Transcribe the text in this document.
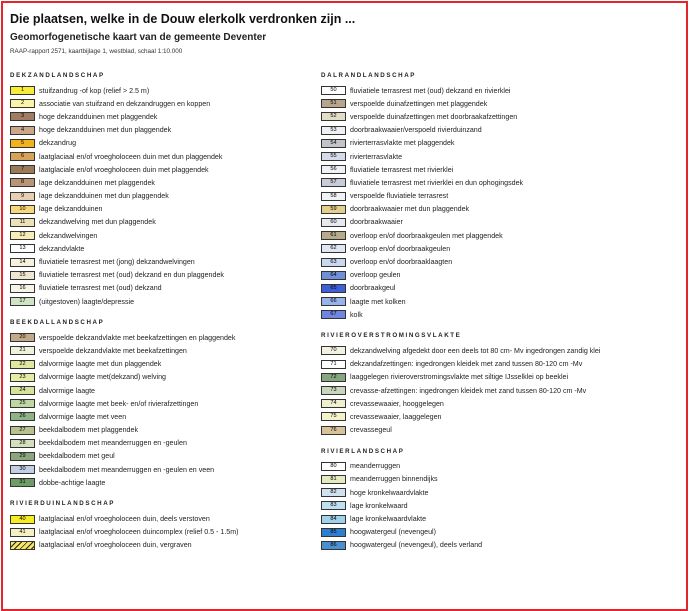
Die plaatsen, welke in de Douw elerkolk verdronken zijn ...
Geomorfogenetische kaart van de gemeente Deventer
RAAP-rapport 2571, kaartbijlage 1, westblad, schaal 1:10.000
DEKZANDLANDSCHAP
1	stuifzandrug -of kop (relief > 2.5 m)
2	associatie van stuifzand en dekzandruggen en koppen
3	hoge dekzandduinen met plaggendek
4	hoge dekzandduinen met dun plaggendek
5	dekzandrug
6	laatglaciaal en/of vroegholoceen duin met dun plaggendek
7	laatglaciale en/of vroegholoceen duin met plaggendek
8	lage dekzandduinen met plaggendek
9	lage dekzandduinen met dun plaggendek
10	lage dekzandduinen
11	dekzandwelving met dun plaggendek
12	dekzandwelvingen
13	dekzandvlakte
14	fluviatiele terrasrest met (jong) dekzandwelvingen
15	fluviatiele terrasrest met (oud) dekzand en dun plaggendek
16	fluviatiele terrasrest met (oud) dekzand
17	(uitgestoven) laagte/depressie
BEEKDALLANDSCHAP
20	verspoelde dekzandvlakte met beekafzettingen en plaggendek
21	verspoelde dekzandvlakte met beekafzettingen
22	dalvormige laagte met dun plaggendek
23	dalvormige laagte met(dekzand) welving
24	dalvormige laagte
25	dalvormige laagte met beek- en/of rivierafzettingen
26	dalvormige laagte met veen
27	beekdalbodem met plaggendek
28	beekdalbodem met meanderruggen en -geulen
29	beekdalbodem met geul
30	beekdalbodem met meanderruggen en -geulen en veen
31	dobbe-achtige laagte
RIVIERDUINLANDSCHAP
40	laatglaciaal en/of vroegholoceen duin, deels verstoven
41	laatglaciaal en/of vroegholoceen duincomplex (relief 0.5 - 1.5m)
laatglaciaal en/of vroegholoceen duin, vergraven
DALRANDLANDSCHAP
50	fluviatiele terrasrest met (oud) dekzand en rivierklei
51	verspoelde duinafzettingen met plaggendek
52	verspoelde duinafzettingen met doorbraakafzettingen
53	doorbraakwaaier/verspoeld rivierduinzand
54	rivierterrasvlakte met plaggendek
55	rivierterrasvlakte
56	fluviatiele terrasrest met rivierklei
57	fluviatiele terrasrest met rivierklei en dun ophogingsdek
58	verspoelde fluviatiele terrasrest
59	doorbraakwaaier met dun plaggendek
60	doorbraakwaaier
61	overloop en/of doorbraakgeulen met plaggendek
62	overloop en/of doorbraakgeulen
63	overloop en/of doorbraaklaagten
64	overloop geulen
65	doorbraakgeul
66	laagte met kolken
67	kolk
RIVIEROVERSTROMINGSVLAKTE
70	dekzandwelving afgedekt door een deels tot 80 cm- Mv ingedrongen zandig klei
71	dekzandafzettingen: ingedrongen kleidek met zand tussen 80-120 cm -Mv
72	laaggelegen rivieroverstromingsvlakte met siltige IJsselklei op beeklei
73	crevasse-afzettingen: ingedrongen kleidek met zand tussen 80-120 cm -Mv
74	crevassewaaier, hooggelegen
75	crevassewaaier, laaggelegen
76	crevassegeul
RIVIERLANDSCHAP
80	meanderruggen
81	meanderruggen binnendijks
82	hoge kronkelwaardvlakte
83	lage kronkelwaard
84	lage kronkelwaardvlakte
85	hoogwatergeul (nevengeul)
86	hoogwatergeul (nevengeul), deels verland
